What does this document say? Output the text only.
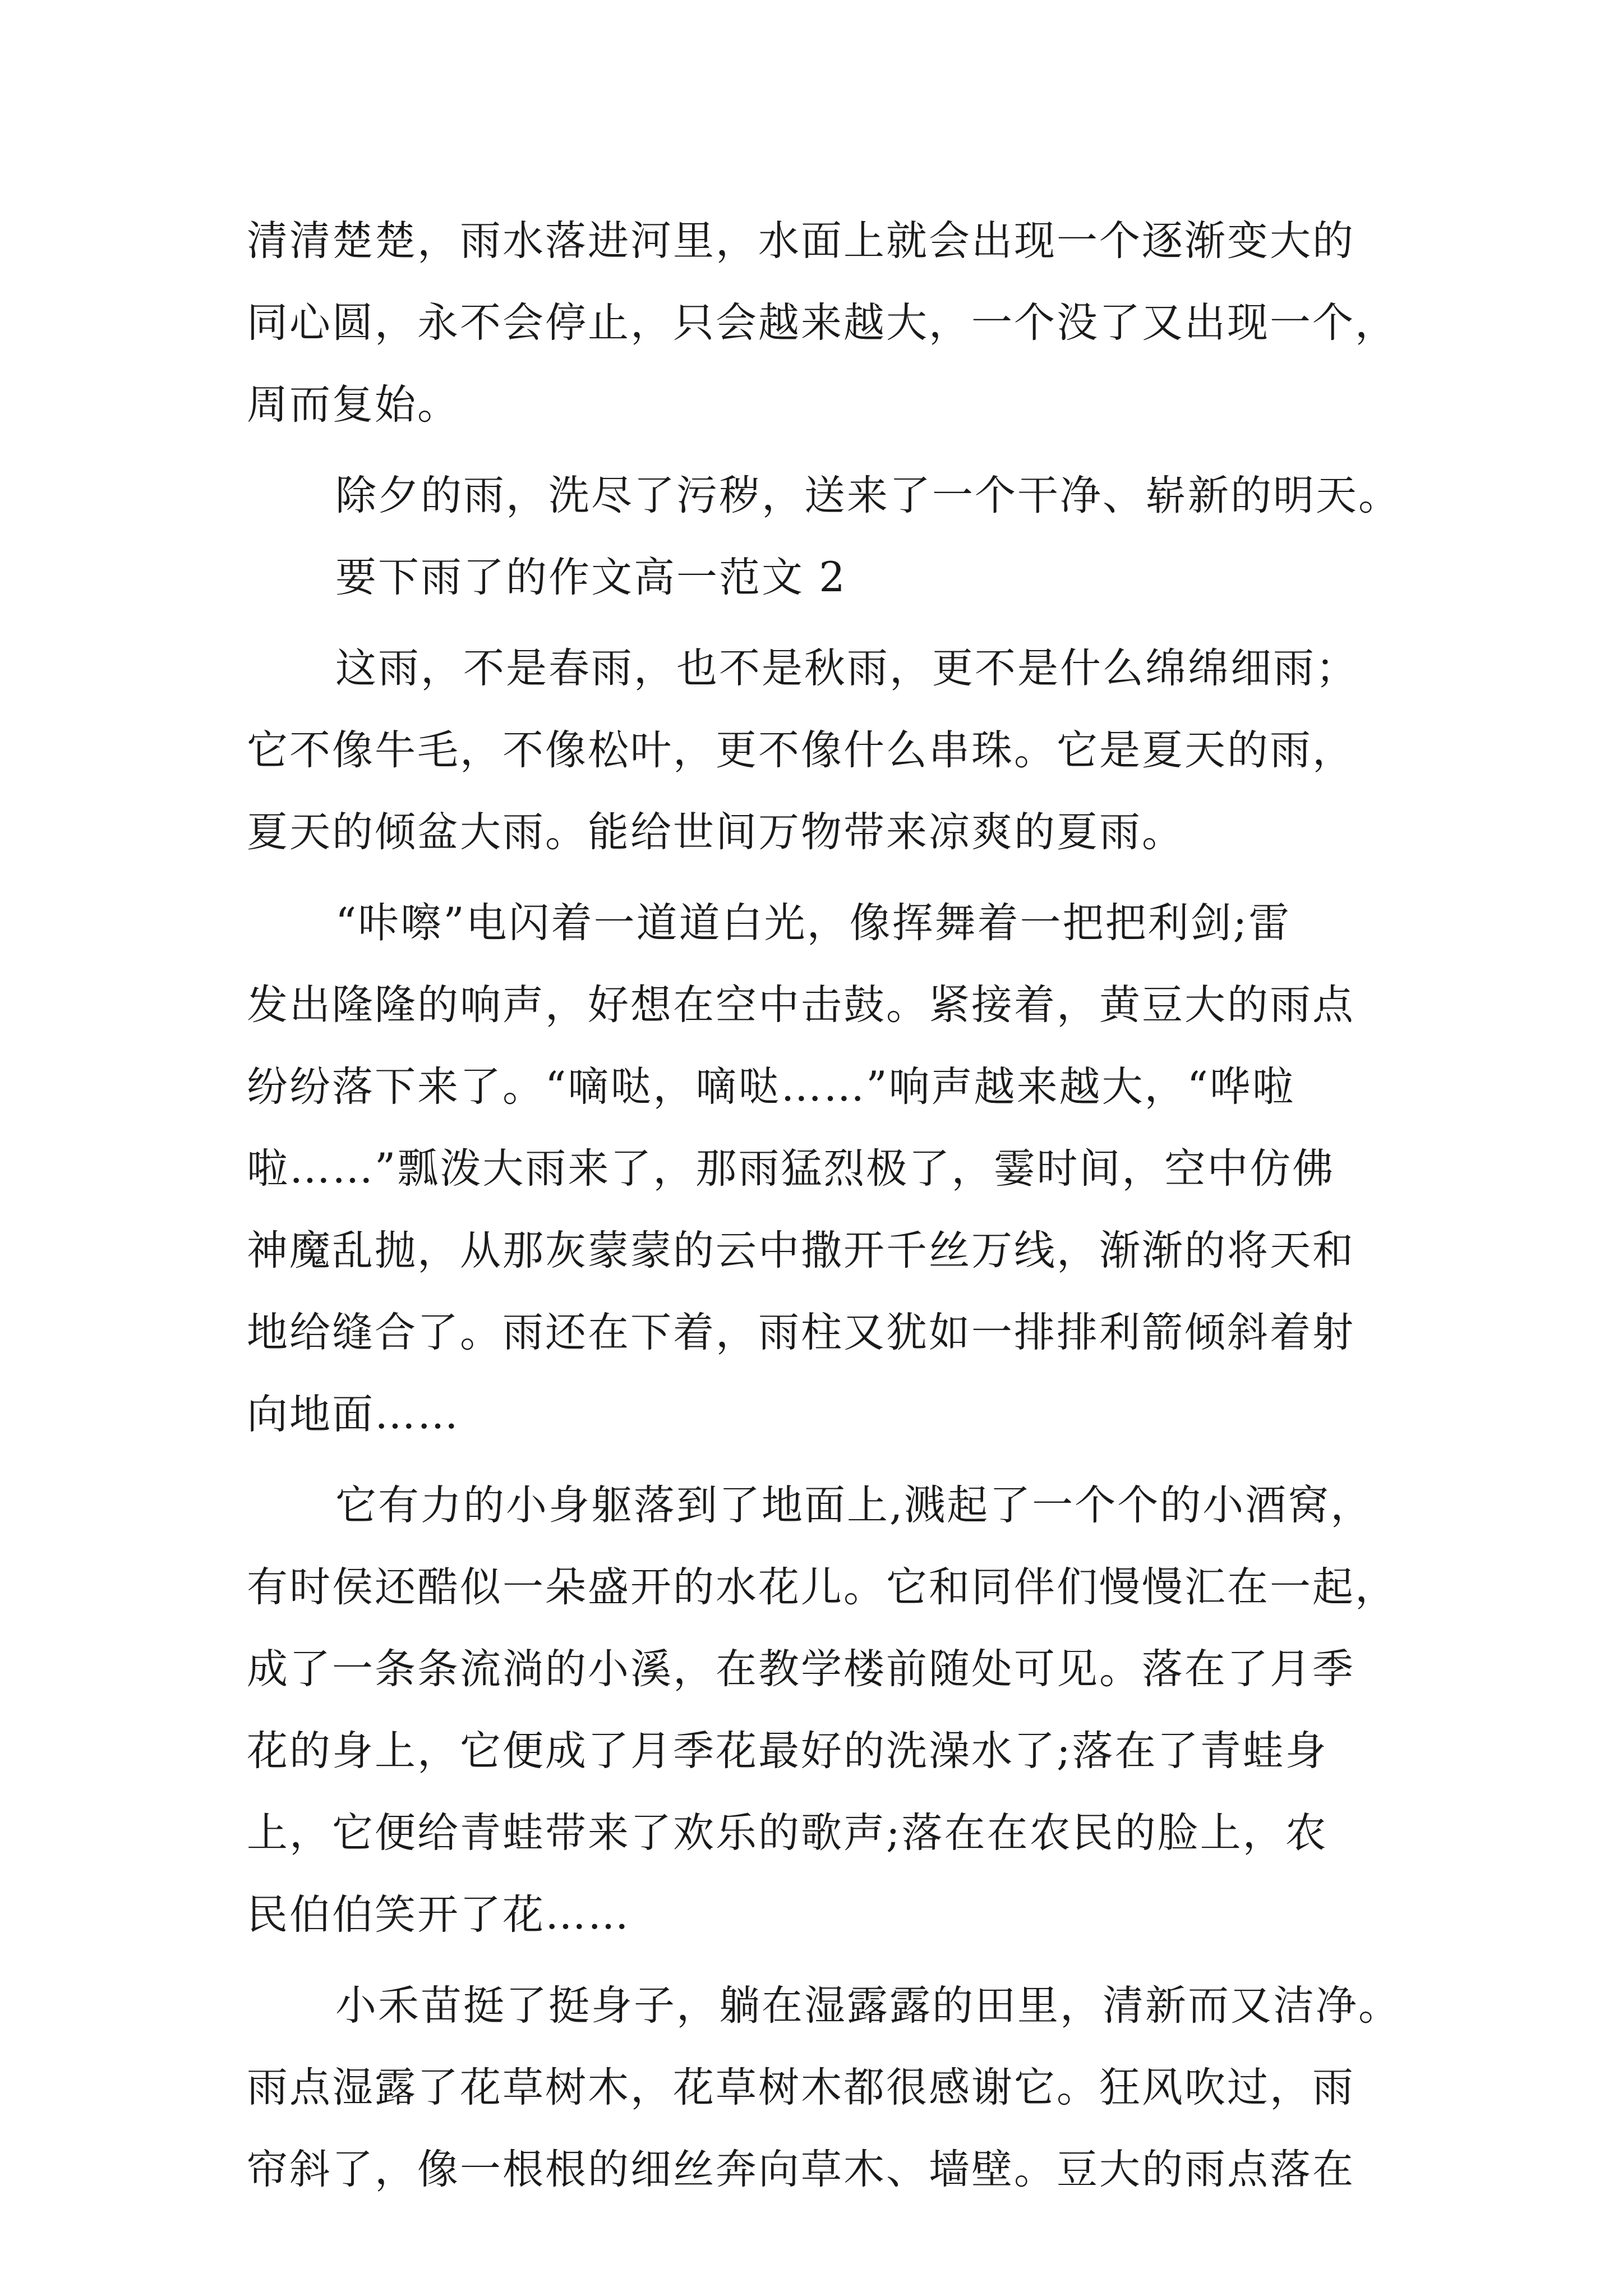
清清楚楚，雨水落进河里，水面上就会出现一个逐渐变大的
同心圆，永不会停止，只会越来越大，一个没了又出现一个，
周而复始。
除夕的雨，洗尽了污秽，送来了一个干净、崭新的明天。
要下雨了的作文高一范文 2
这雨，不是春雨，也不是秋雨，更不是什么绵绵细雨；
它不像牛毛，不像松叶，更不像什么串珠。它是夏天的雨，
夏天的倾盆大雨。能给世间万物带来凉爽的夏雨。
“咔嚓”电闪着一道道白光，像挥舞着一把把利剑;雷
发出隆隆的响声，好想在空中击鼓。紧接着，黄豆大的雨点
纷纷落下来了。“嘀哒，嘀哒……”响声越来越大，“哗啦
啦……”瓢泼大雨来了，那雨猛烈极了，霎时间，空中仿佛
神魔乱抛，从那灰蒙蒙的云中撒开千丝万线，渐渐的将天和
地给缝合了。雨还在下着，雨柱又犹如一排排利箭倾斜着射
向地面……
它有力的小身躯落到了地面上,溅起了一个个的小酒窝，
有时侯还酷似一朵盛开的水花儿。它和同伴们慢慢汇在一起，
成了一条条流淌的小溪，在教学楼前随处可见。落在了月季
花的身上，它便成了月季花最好的洗澡水了;落在了青蛙身
上，它便给青蛙带来了欢乐的歌声;落在在农民的脸上，农
民伯伯笑开了花……
小禾苗挺了挺身子，躺在湿露露的田里，清新而又洁净。
雨点湿露了花草树木，花草树木都很感谢它。狂风吹过，雨
帘斜了，像一根根的细丝奔向草木、墙壁。豆大的雨点落在
